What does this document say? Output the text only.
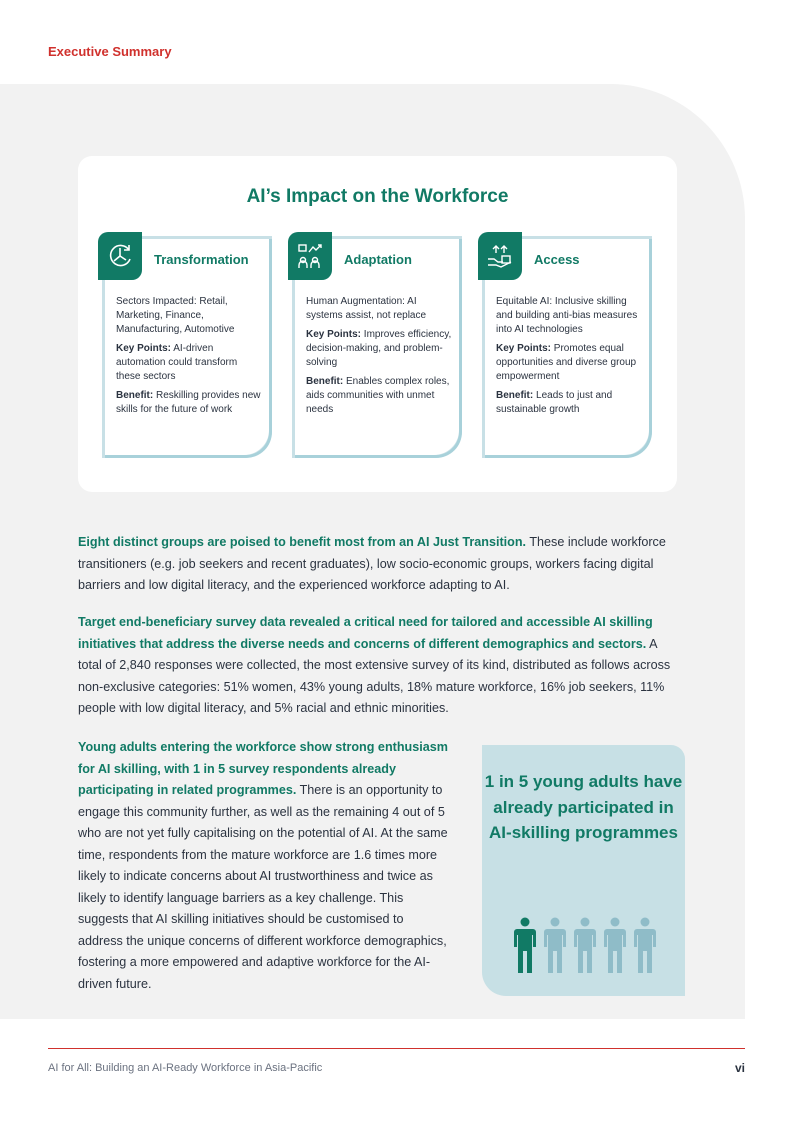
Executive Summary
AI’s Impact on the Workforce
Transformation

Sectors Impacted: Retail, Marketing, Finance, Manufacturing, Automotive

Key Points: AI-driven automation could transform these sectors

Benefit: Reskilling provides new skills for the future of work

Adaptation

Human Augmentation: AI systems assist, not replace

Key Points: Improves efficiency, decision-making, and problem-solving

Benefit: Enables complex roles, aids communities with unmet needs

Access

Equitable AI: Inclusive skilling and building anti-bias measures into AI technologies

Key Points: Promotes equal opportunities and diverse group empowerment

Benefit: Leads to just and sustainable growth

Eight distinct groups are poised to benefit most from an AI Just Transition. These include workforce transitioners (e.g. job seekers and recent graduates), low socio-economic groups, workers facing digital barriers and low digital literacy, and the experienced workforce adapting to AI.
Target end-beneficiary survey data revealed a critical need for tailored and accessible AI skilling initiatives that address the diverse needs and concerns of different demographics and sectors. A total of 2,840 responses were collected, the most extensive survey of its kind, distributed as follows across non-exclusive categories: 51% women, 43% young adults, 18% mature workforce, 16% job seekers, 11% people with low digital literacy, and 5% racial and ethnic minorities.
Young adults entering the workforce show strong enthusiasm for AI skilling, with 1 in 5 survey respondents already participating in related programmes. There is an opportunity to engage this community further, as well as the remaining 4 out of 5 who are not yet fully capitalising on the potential of AI. At the same time, respondents from the mature workforce are 1.6 times more likely to indicate concerns about AI trustworthiness and twice as likely to identify language barriers as a key challenge. This suggests that AI skilling initiatives should be customised to address the unique concerns of different workforce demographics, fostering a more empowered and adaptive workforce for the AI-driven future.
1 in 5 young adults have already participated in AI-skilling programmes
AI for All: Building an AI-Ready Workforce in Asia-Pacific	vi
